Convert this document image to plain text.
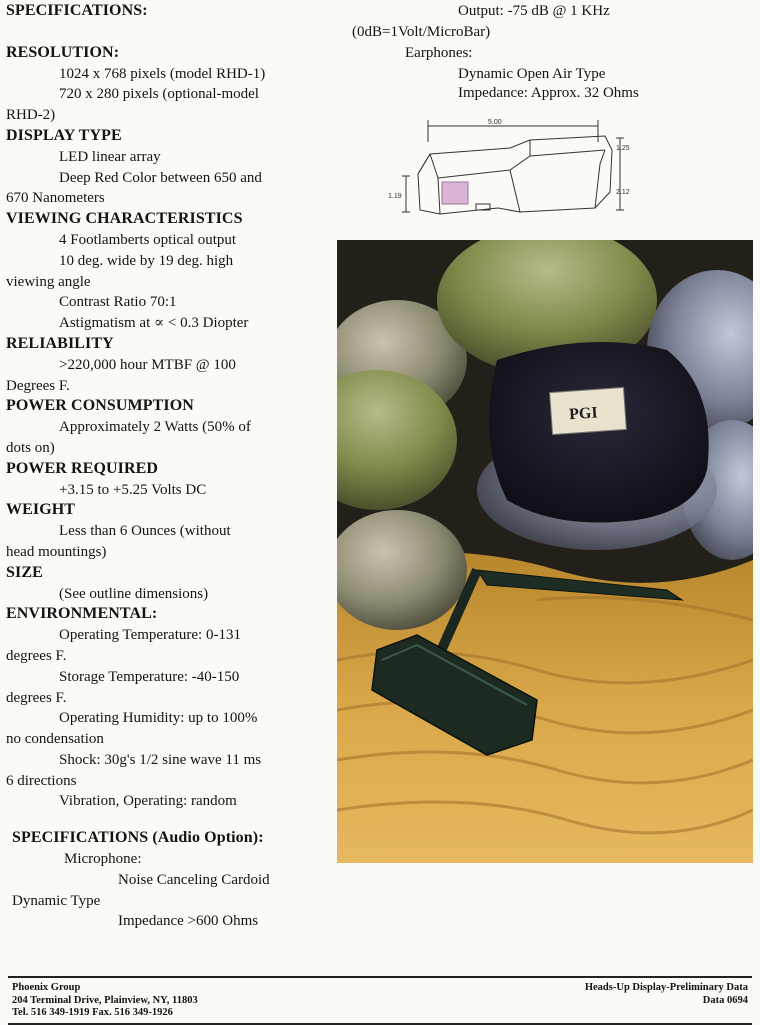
SPECIFICATIONS:
RESOLUTION:
1024 x 768 pixels (model RHD-1)
720 x 280 pixels (optional-model
RHD-2)
DISPLAY TYPE
LED linear array
Deep Red Color between 650 and
670 Nanometers
VIEWING CHARACTERISTICS
4 Footlamberts optical output
10 deg. wide by 19 deg. high
viewing angle
Contrast Ratio 70:1
Astigmatism at ∝ < 0.3 Diopter
RELIABILITY
>220,000 hour MTBF @ 100
Degrees F.
POWER CONSUMPTION
Approximately 2 Watts (50% of
dots on)
POWER REQUIRED
+3.15 to +5.25 Volts DC
WEIGHT
Less than 6 Ounces (without
head mountings)
SIZE
(See outline dimensions)
ENVIRONMENTAL:
Operating Temperature: 0-131
degrees F.
Storage Temperature: -40-150
degrees F.
Operating Humidity: up to 100%
no condensation
Shock: 30g's 1/2 sine wave 11 ms
6 directions
Vibration, Operating: random
SPECIFICATIONS (Audio Option):
Microphone:
Noise Canceling Cardoid
Dynamic Type
Impedance >600 Ohms
Output: -75 dB @ 1 KHz
(0dB=1Volt/MicroBar)
Earphones:
Dynamic Open Air Type
Impedance: Approx. 32 Ohms
5.00
1.25
2.12
1.19
PGI
Phoenix Group
204 Terminal Drive, Plainview, NY, 11803
Tel. 516 349-1919 Fax. 516 349-1926
Heads-Up Display-Preliminary Data
Data 0694
